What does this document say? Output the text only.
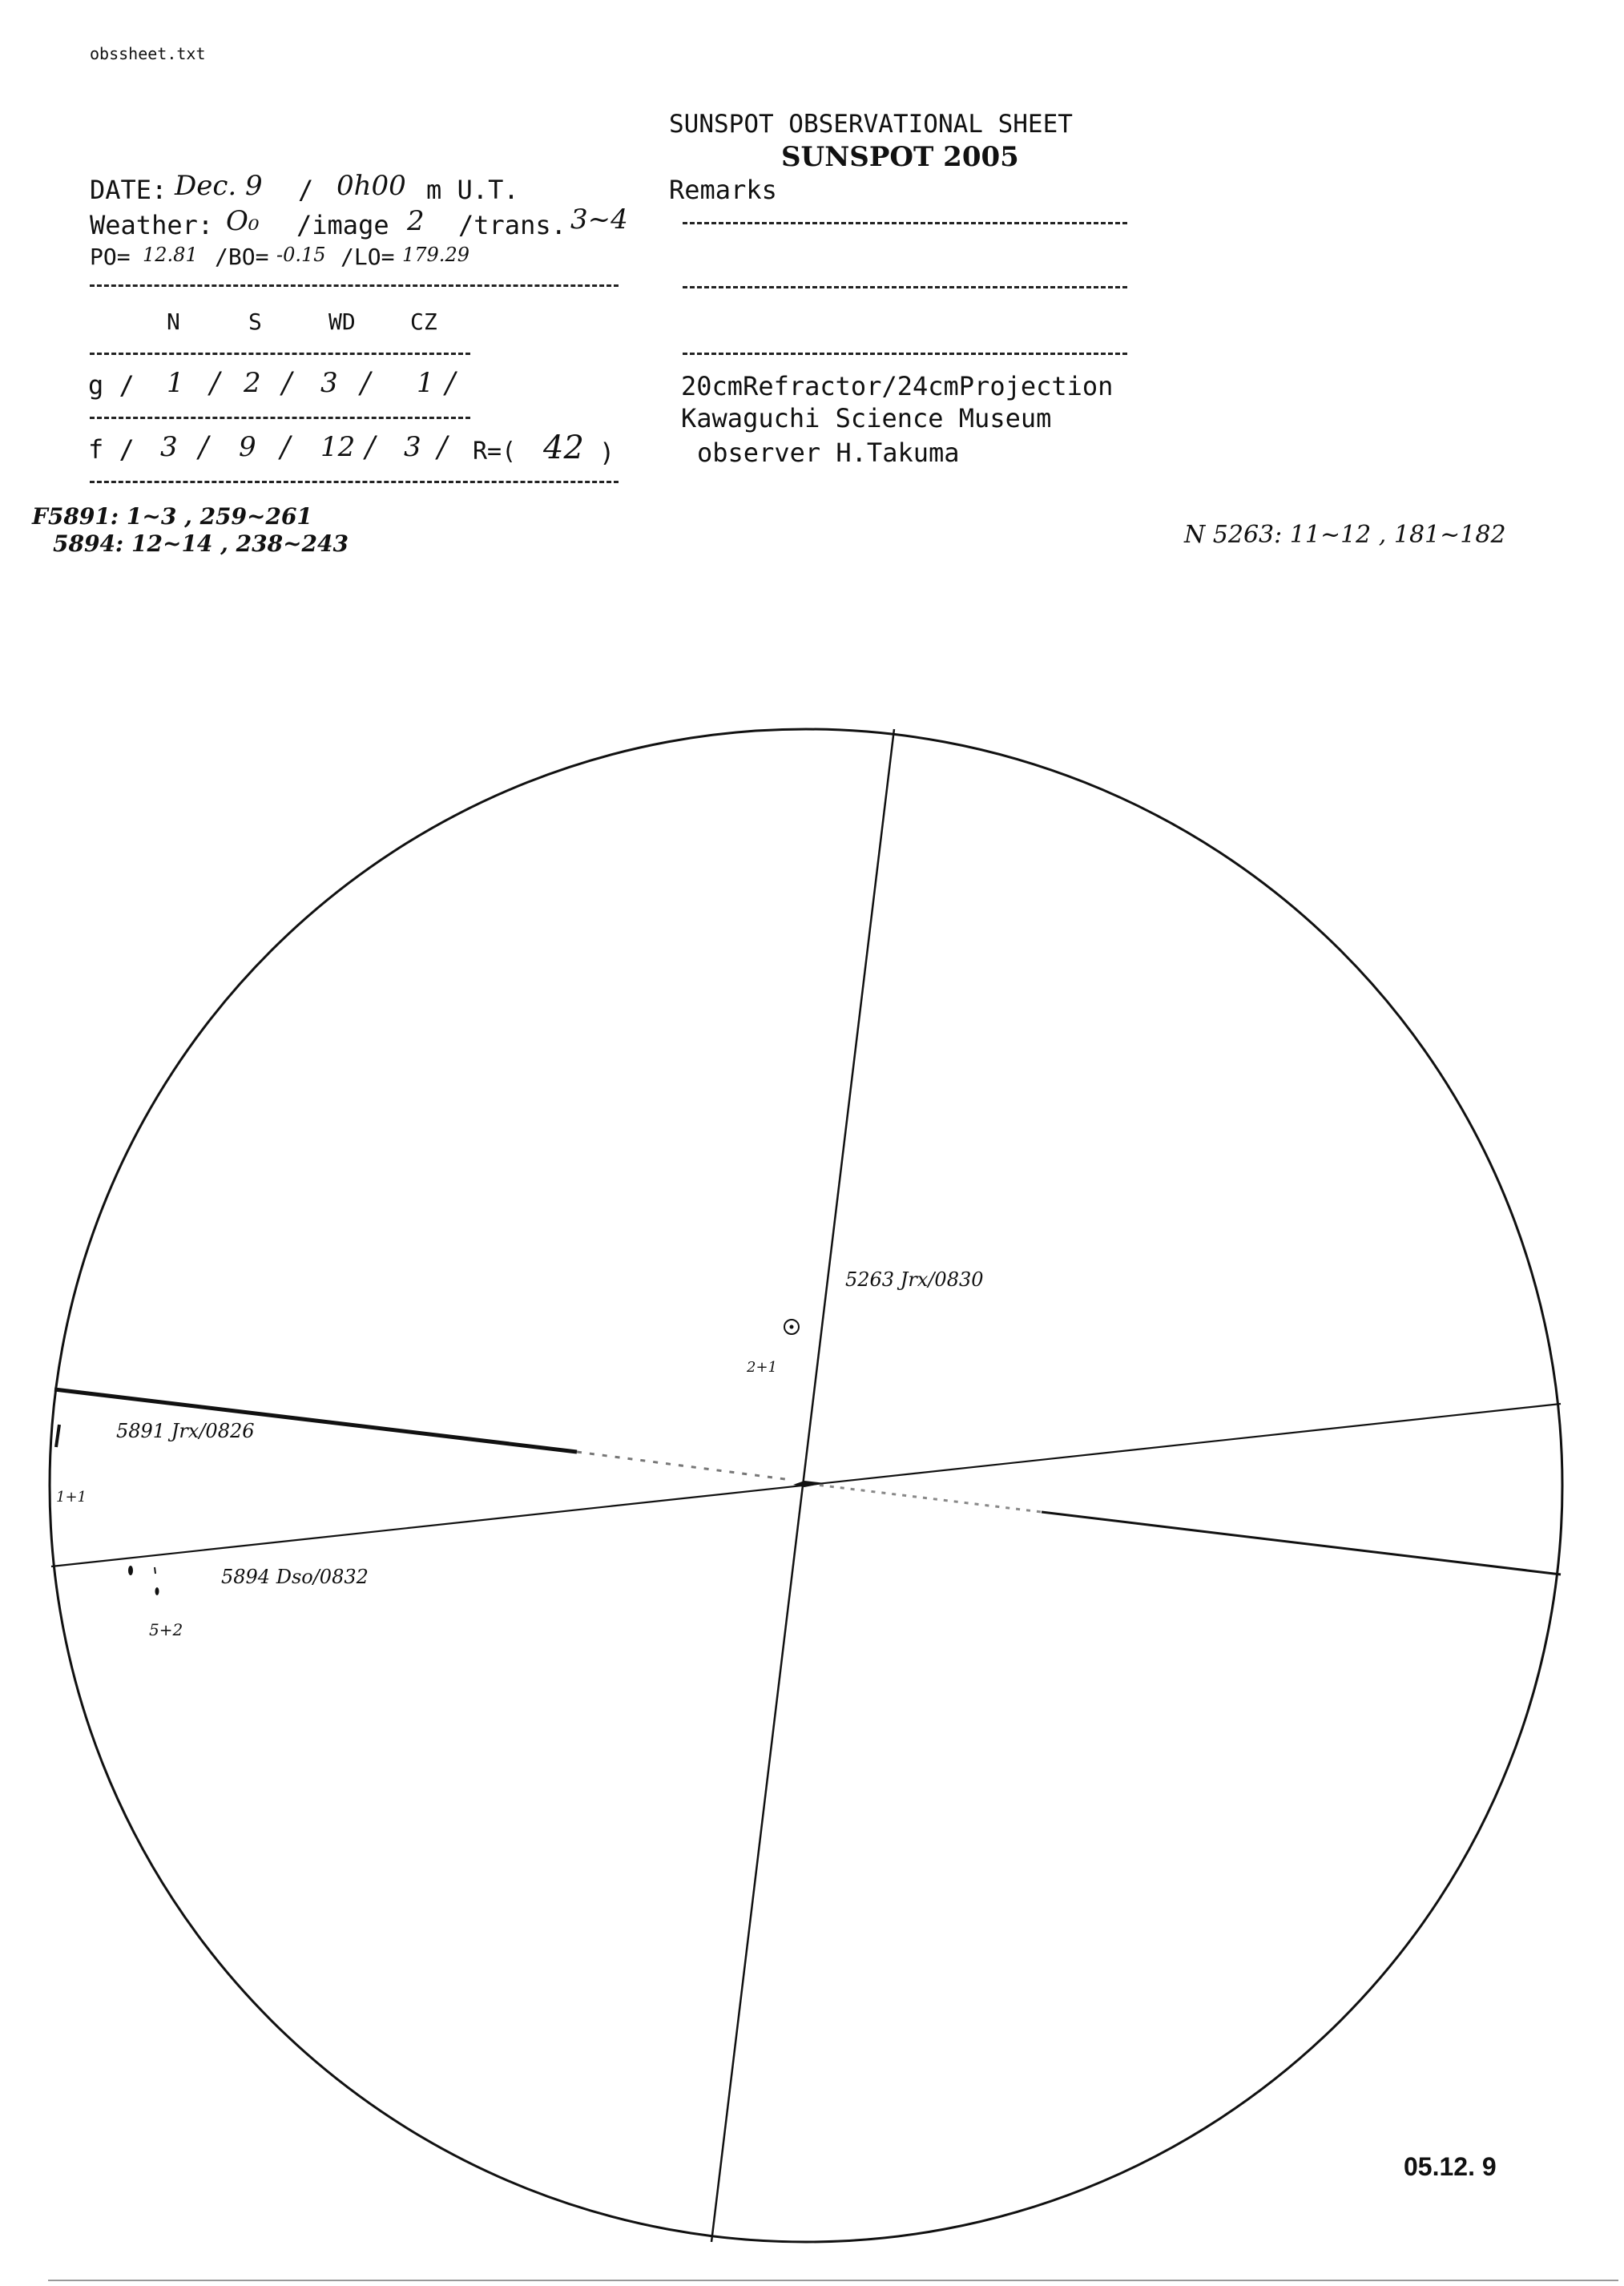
obssheet.txt
SUNSPOT OBSERVATIONAL SHEET
SUNSPOT 2005
DATE: Dec. 9 / 0h00 m U.T.
Weather: O₀ /image 2 /trans. 3~4
PO= 12.81 /BO= -0.15 /LO= 179.29
N	S	WD CZ
g / 1 / 2 / 3 / 1 /
f / 3 / 9 / 12 / 3 / R=( 42 )
Remarks
20cmRefractor/24cmProjection
Kawaguchi Science Museum
observer H.Takuma
F5891: 1~3 , 259~261
5894: 12~14 , 238~243	N 5263: 11~12 , 181~182
5263 Jrx/0830
2+1
5891 Jrx/0826
1+1
5894 Dso/0832
5+2
05.12. 9
